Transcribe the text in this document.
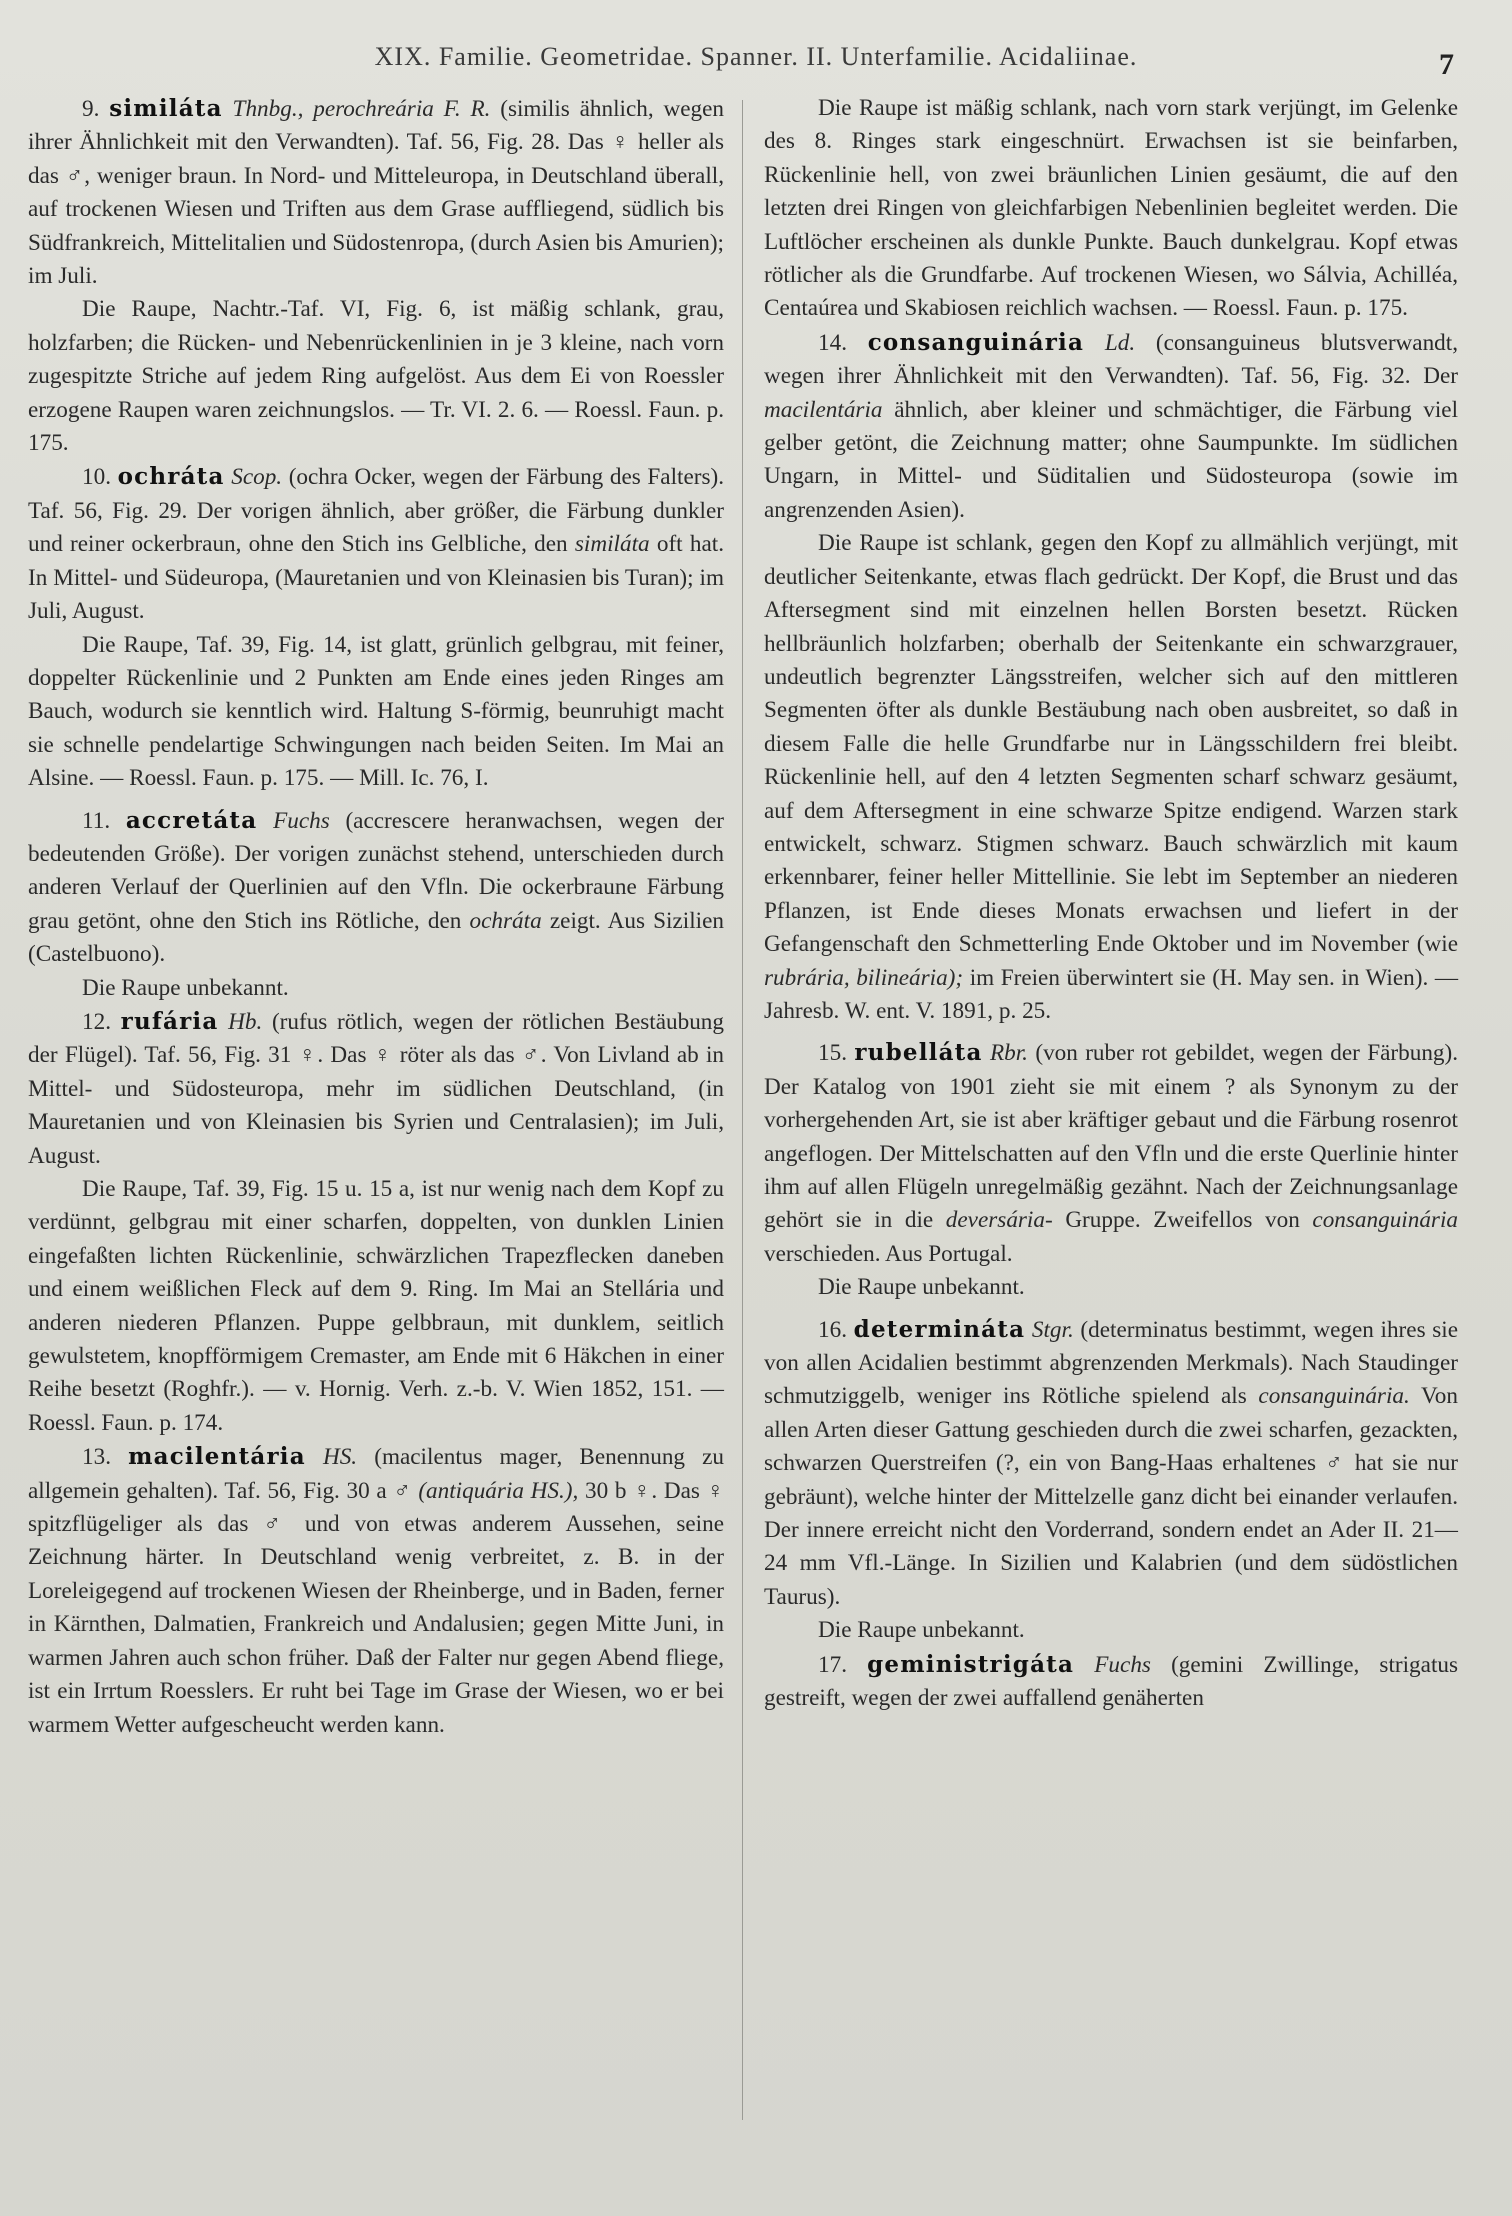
XIX. Familie. Geometridae. Spanner. II. Unterfamilie. Acidaliinae.	7

9. similáta Thnbg., perochreária F. R. (similis ähnlich, wegen ihrer Ähnlichkeit mit den Verwandten). Taf. 56, Fig. 28. Das ♀ heller als das ♂, weniger braun. In Nord- und Mitteleuropa, in Deutschland überall, auf trockenen Wiesen und Triften aus dem Grase auffliegend, südlich bis Südfrankreich, Mittelitalien und Südostenropa, (durch Asien bis Amurien); im Juli.

Die Raupe, Nachtr.-Taf. VI, Fig. 6, ist mäßig schlank, grau, holzfarben; die Rücken- und Nebenrückenlinien in je 3 kleine, nach vorn zugespitzte Striche auf jedem Ring aufgelöst. Aus dem Ei von Roessler erzogene Raupen waren zeichnungslos. — Tr. VI. 2. 6. — Roessl. Faun. p. 175.

10. ochráta Scop. (ochra Ocker, wegen der Färbung des Falters). Taf. 56, Fig. 29. Der vorigen ähnlich, aber größer, die Färbung dunkler und reiner ockerbraun, ohne den Stich ins Gelbliche, den similáta oft hat. In Mittel- und Südeuropa, (Mauretanien und von Kleinasien bis Turan); im Juli, August.

Die Raupe, Taf. 39, Fig. 14, ist glatt, grünlich gelbgrau, mit feiner, doppelter Rückenlinie und 2 Punkten am Ende eines jeden Ringes am Bauch, wodurch sie kenntlich wird. Haltung S-förmig, beunruhigt macht sie schnelle pendelartige Schwingungen nach beiden Seiten. Im Mai an Alsine. — Roessl. Faun. p. 175. — Mill. Ic. 76, I.

11. accretáta Fuchs (accrescere heranwachsen, wegen der bedeutenden Größe). Der vorigen zunächst stehend, unterschieden durch anderen Verlauf der Querlinien auf den Vfln. Die ockerbraune Färbung grau getönt, ohne den Stich ins Rötliche, den ochráta zeigt. Aus Sizilien (Castelbuono).

Die Raupe unbekannt.

12. rufária Hb. (rufus rötlich, wegen der rötlichen Bestäubung der Flügel). Taf. 56, Fig. 31 ♀. Das ♀ röter als das ♂. Von Livland ab in Mittel- und Südosteuropa, mehr im südlichen Deutschland, (in Mauretanien und von Kleinasien bis Syrien und Centralasien); im Juli, August.

Die Raupe, Taf. 39, Fig. 15 u. 15 a, ist nur wenig nach dem Kopf zu verdünnt, gelbgrau mit einer scharfen, doppelten, von dunklen Linien eingefaßten lichten Rückenlinie, schwärzlichen Trapezflecken daneben und einem weißlichen Fleck auf dem 9. Ring. Im Mai an Stellária und anderen niederen Pflanzen. Puppe gelbbraun, mit dunklem, seitlich gewulstetem, knopfförmigem Cremaster, am Ende mit 6 Häkchen in einer Reihe besetzt (Roghfr.). — v. Hornig. Verh. z.-b. V. Wien 1852, 151. — Roessl. Faun. p. 174.

13. macilentária HS. (macilentus mager, Benennung zu allgemein gehalten). Taf. 56, Fig. 30 a ♂ (antiquária HS.), 30 b ♀. Das ♀ spitzflügeliger als das ♂ und von etwas anderem Aussehen, seine Zeichnung härter. In Deutschland wenig verbreitet, z. B. in der Loreleigegend auf trockenen Wiesen der Rheinberge, und in Baden, ferner in Kärnthen, Dalmatien, Frankreich und Andalusien; gegen Mitte Juni, in warmen Jahren auch schon früher. Daß der Falter nur gegen Abend fliege, ist ein Irrtum Roesslers. Er ruht bei Tage im Grase der Wiesen, wo er bei warmem Wetter aufgescheucht werden kann.

Die Raupe ist mäßig schlank, nach vorn stark verjüngt, im Gelenke des 8. Ringes stark eingeschnürt. Erwachsen ist sie beinfarben, Rückenlinie hell, von zwei bräunlichen Linien gesäumt, die auf den letzten drei Ringen von gleichfarbigen Nebenlinien begleitet werden. Die Luftlöcher erscheinen als dunkle Punkte. Bauch dunkelgrau. Kopf etwas rötlicher als die Grundfarbe. Auf trockenen Wiesen, wo Sálvia, Achilléa, Centaúrea und Skabiosen reichlich wachsen. — Roessl. Faun. p. 175.

14. consanguinária Ld. (consanguineus blutsverwandt, wegen ihrer Ähnlichkeit mit den Verwandten). Taf. 56, Fig. 32. Der macilentária ähnlich, aber kleiner und schmächtiger, die Färbung viel gelber getönt, die Zeichnung matter; ohne Saumpunkte. Im südlichen Ungarn, in Mittel- und Süditalien und Südosteuropa (sowie im angrenzenden Asien).

Die Raupe ist schlank, gegen den Kopf zu allmählich verjüngt, mit deutlicher Seitenkante, etwas flach gedrückt. Der Kopf, die Brust und das Aftersegment sind mit einzelnen hellen Borsten besetzt. Rücken hellbräunlich holzfarben; oberhalb der Seitenkante ein schwarzgrauer, undeutlich begrenzter Längsstreifen, welcher sich auf den mittleren Segmenten öfter als dunkle Bestäubung nach oben ausbreitet, so daß in diesem Falle die helle Grundfarbe nur in Längsschildern frei bleibt. Rückenlinie hell, auf den 4 letzten Segmenten scharf schwarz gesäumt, auf dem Aftersegment in eine schwarze Spitze endigend. Warzen stark entwickelt, schwarz. Stigmen schwarz. Bauch schwärzlich mit kaum erkennbarer, feiner heller Mittellinie. Sie lebt im September an niederen Pflanzen, ist Ende dieses Monats erwachsen und liefert in der Gefangenschaft den Schmetterling Ende Oktober und im November (wie rubrária, bilineária); im Freien überwintert sie (H. May sen. in Wien). — Jahresb. W. ent. V. 1891, p. 25.

15. rubelláta Rbr. (von ruber rot gebildet, wegen der Färbung). Der Katalog von 1901 zieht sie mit einem ? als Synonym zu der vorhergehenden Art, sie ist aber kräftiger gebaut und die Färbung rosenrot angeflogen. Der Mittelschatten auf den Vfln und die erste Querlinie hinter ihm auf allen Flügeln unregelmäßig gezähnt. Nach der Zeichnungsanlage gehört sie in die deversária- Gruppe. Zweifellos von consanguinária verschieden. Aus Portugal.

Die Raupe unbekannt.

16. determináta Stgr. (determinatus bestimmt, wegen ihres sie von allen Acidalien bestimmt abgrenzenden Merkmals). Nach Staudinger schmutziggelb, weniger ins Rötliche spielend als consanguinária. Von allen Arten dieser Gattung geschieden durch die zwei scharfen, gezackten, schwarzen Querstreifen (?, ein von Bang-Haas erhaltenes ♂ hat sie nur gebräunt), welche hinter der Mittelzelle ganz dicht bei einander verlaufen. Der innere erreicht nicht den Vorderrand, sondern endet an Ader II. 21—24 mm Vfl.-Länge. In Sizilien und Kalabrien (und dem südöstlichen Taurus).

Die Raupe unbekannt.

17. geministrigáta Fuchs (gemini Zwillinge, strigatus gestreift, wegen der zwei auffallend genäherten
